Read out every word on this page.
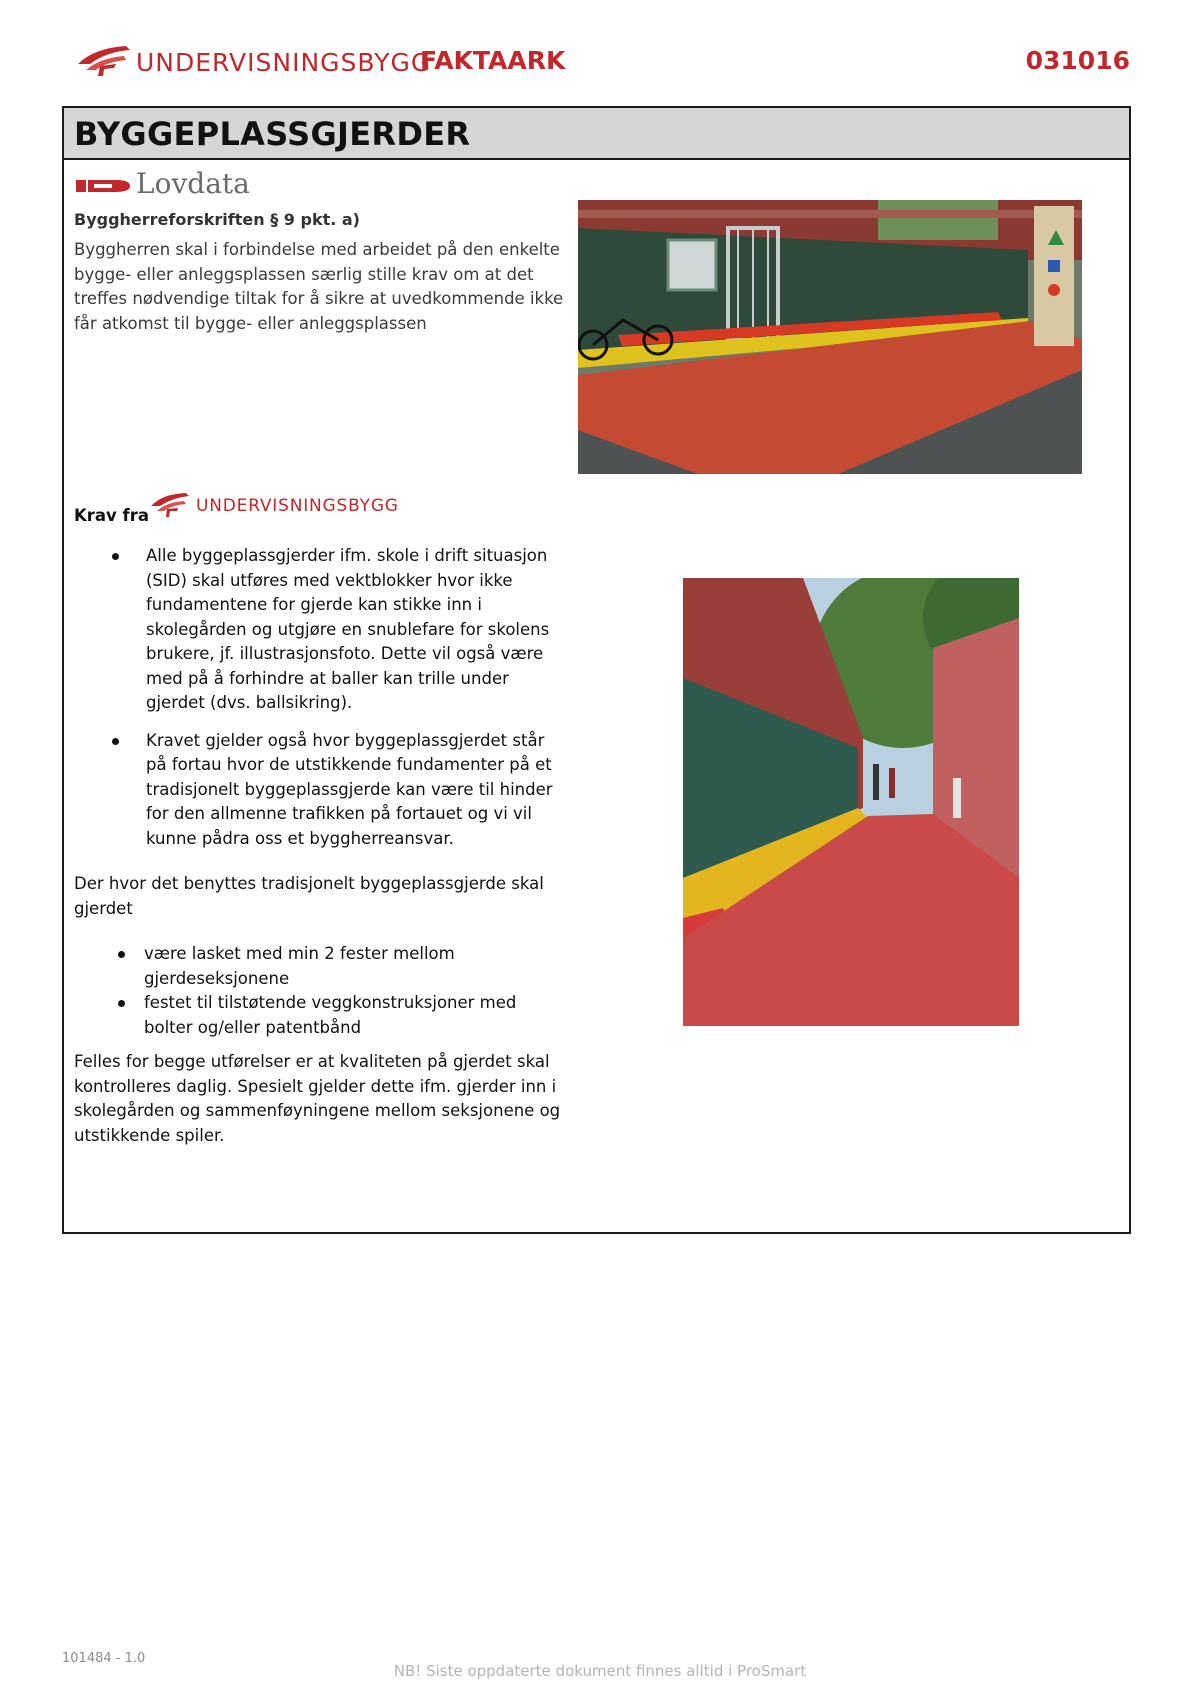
UNDERVISNINGSBYGG
FAKTAARK	031016
BYGGEPLASSGJERDER
Lovdata
Byggherreforskriften § 9 pkt. a)
Byggherren skal i forbindelse med arbeidet på den enkelte bygge- eller anleggsplassen særlig stille krav om at det treffes nødvendige tiltak for å sikre at uvedkommende ikke får atkomst til bygge- eller anleggsplassen
Krav fra	UNDERVISNINGSBYGG
Alle byggeplassgjerder ifm. skole i drift situasjon (SID) skal utføres med vektblokker hvor ikke fundamentene for gjerde kan stikke inn i skolegården og utgjøre en snublefare for skolens brukere, jf. illustrasjonsfoto. Dette vil også være med på å forhindre at baller kan trille under gjerdet (dvs. ballsikring).
Kravet gjelder også hvor byggeplassgjerdet står på fortau hvor de utstikkende fundamenter på et tradisjonelt byggeplassgjerde kan være til hinder for den allmenne trafikken på fortauet og vi vil kunne pådra oss et byggherreansvar.
Der hvor det benyttes tradisjonelt byggeplassgjerde skal gjerdet
være lasket med min 2 fester mellom gjerdeseksjonene
festet til tilstøtende veggkonstruksjoner med bolter og/eller patentbånd
Felles for begge utførelser er at kvaliteten på gjerdet skal kontrolleres daglig. Spesielt gjelder dette ifm. gjerder inn i skolegården og sammenføyningene mellom seksjonene og utstikkende spiler.
101484 - 1.0
NB! Siste oppdaterte dokument finnes alltid i ProSmart
